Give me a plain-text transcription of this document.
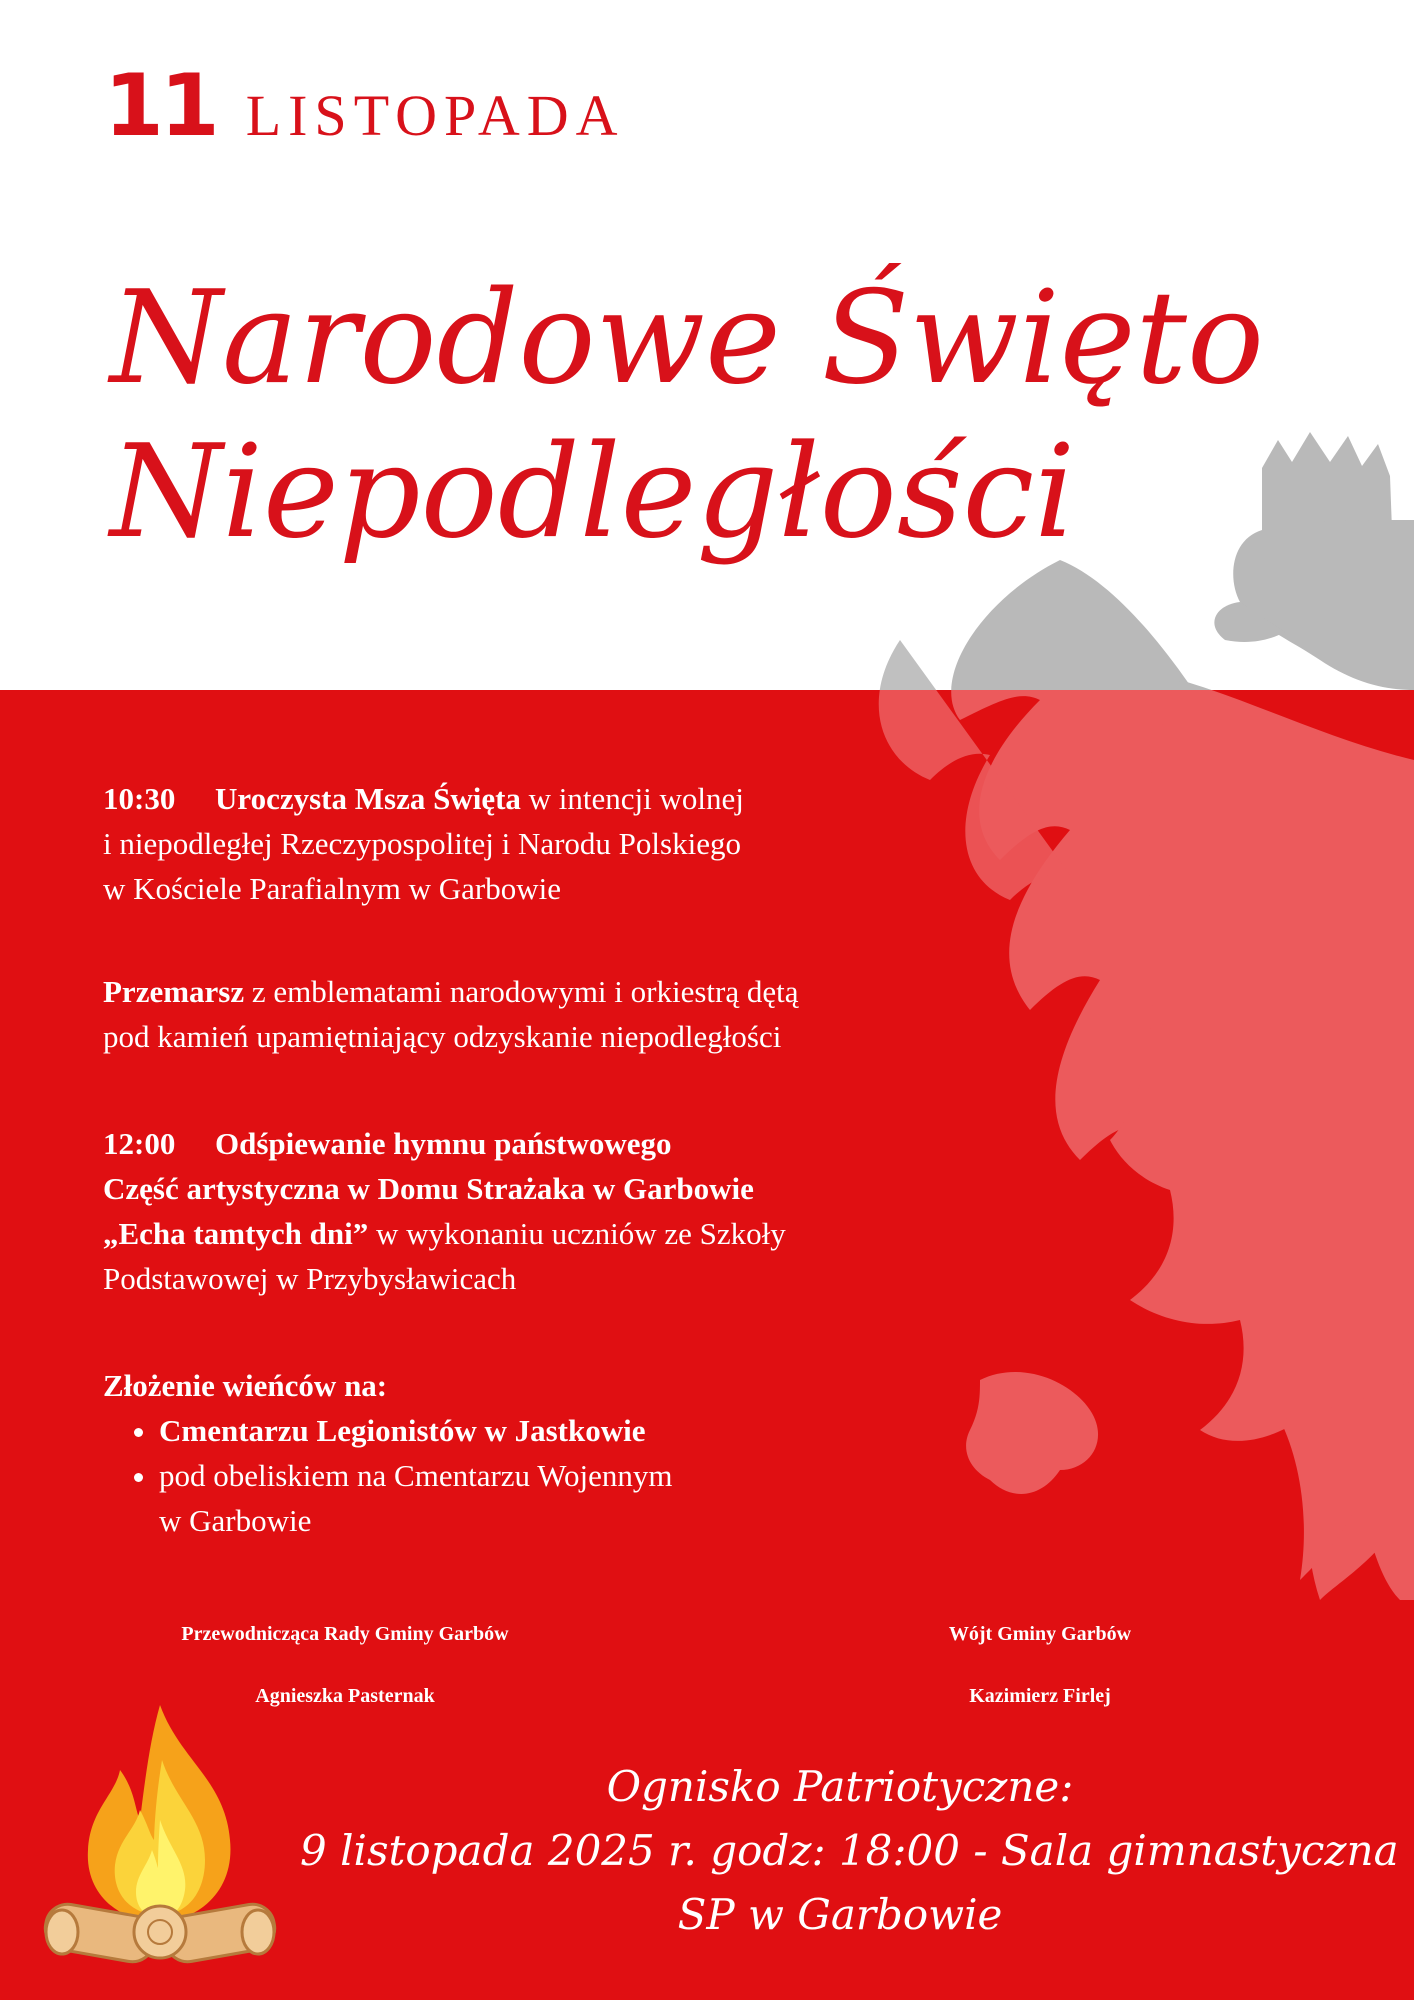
11 LISTOPADA
Narodowe Święto
Niepodległości
10:30 Uroczysta Msza Święta w intencji wolnej
i niepodległej Rzeczypospolitej i Narodu Polskiego
w Kościele Parafialnym w Garbowie
Przemarsz z emblematami narodowymi i orkiestrą dętą
pod kamień upamiętniający odzyskanie niepodległości
12:00 Odśpiewanie hymnu państwowego
Część artystyczna w Domu Strażaka w Garbowie
„Echa tamtych dni” w wykonaniu uczniów ze Szkoły
Podstawowej w Przybysławicach
Złożenie wieńców na:
• Cmentarzu Legionistów w Jastkowie
• pod obeliskiem na Cmentarzu Wojennym
w Garbowie
Przewodnicząca Rady Gminy Garbów
Agnieszka Pasternak
Wójt Gminy Garbów
Kazimierz Firlej
Ognisko Patriotyczne:
9 listopada 2025 r. godz: 18:00 - Sala gimnastyczna
SP w Garbowie
